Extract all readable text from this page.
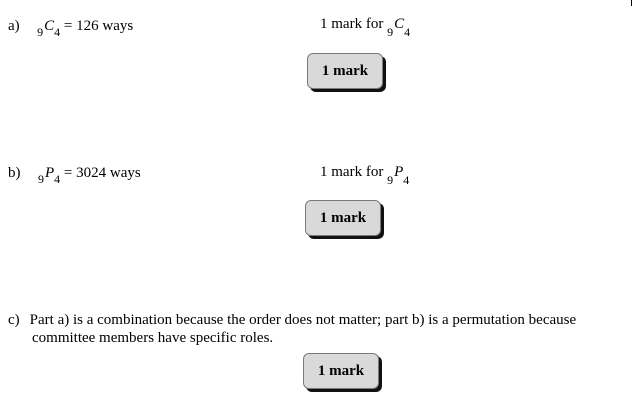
a) $_9C_4 = 126$ ways	1 mark for $_9C_4$
1 mark
b) $_9P_4 = 3024$ ways	1 mark for $_9P_4$
1 mark
c) Part a) is a combination because the order does not matter; part b) is a permutation because
committee members have specific roles.
1 mark
